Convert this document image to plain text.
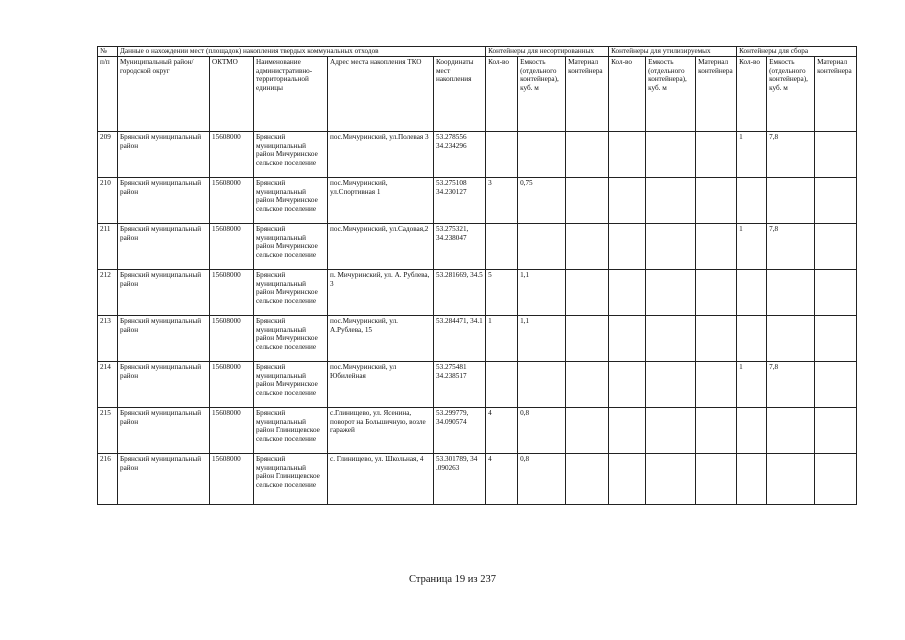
№	Данные о нахождении мест (площадок) накопления твердых коммунальных отходов					Контейнеры для несортированных			Контейнеры для утилизируемых			Контейнеры для сбора		
п/п	Муниципальный район/городской округ	ОКТМО	Наименование административно-территориальной единицы	Адрес места накопления ТКО	Координаты мест накопления	Кол-во	Емкость (отдельного контейнера), куб. м	Материал контейнера	Кол-во	Емкость (отдельного контейнера), куб. м	Материал контейнера	Кол-во	Емкость (отдельного контейнера), куб. м	Материал контейнера
209	Брянский муниципальный район	15608000	Брянский муниципальный район Мичуринское сельское поселение	пос.Мичуринский, ул.Полевая 3	53.278556 34.234296							1	7,8	
210	Брянский муниципальный район	15608000	Брянский муниципальный район Мичуринское сельское поселение	пос.Мичуринский, ул.Спортивная 1	53.275108 34.230127	3	0,75							
211	Брянский муниципальный район	15608000	Брянский муниципальный район Мичуринское сельское поселение	пос.Мичуринский, ул.Садовая,2	53.275321, 34.238047							1	7,8	
212	Брянский муниципальный район	15608000	Брянский муниципальный район Мичуринское сельское поселение	п. Мичуринский, ул. А. Рублева, 3	53.281669, 34.5	5	1,1							
213	Брянский муниципальный район	15608000	Брянский муниципальный район Мичуринское сельское поселение	пос.Мичуринский, ул. А.Рублева, 15	53.284471, 34.1	1	1,1							
214	Брянский муниципальный район	15608000	Брянский муниципальный район Мичуринское сельское поселение	пос.Мичуринский, ул Юбилейная	53.275481 34.238517							1	7,8	
215	Брянский муниципальный район	15608000	Брянский муниципальный район Глинищевское сельское поселение	с.Глинищево, ул. Ясенина, поворот на Большичную, возле гаражей	53.299779, 34.090574	4	0,8							
216	Брянский муниципальный район	15608000	Брянский муниципальный район Глинищевское сельское поселение	с. Глинищево, ул. Школьная, 4	53.301789, 34 .090263	4	0,8							
Страница 19 из 237
